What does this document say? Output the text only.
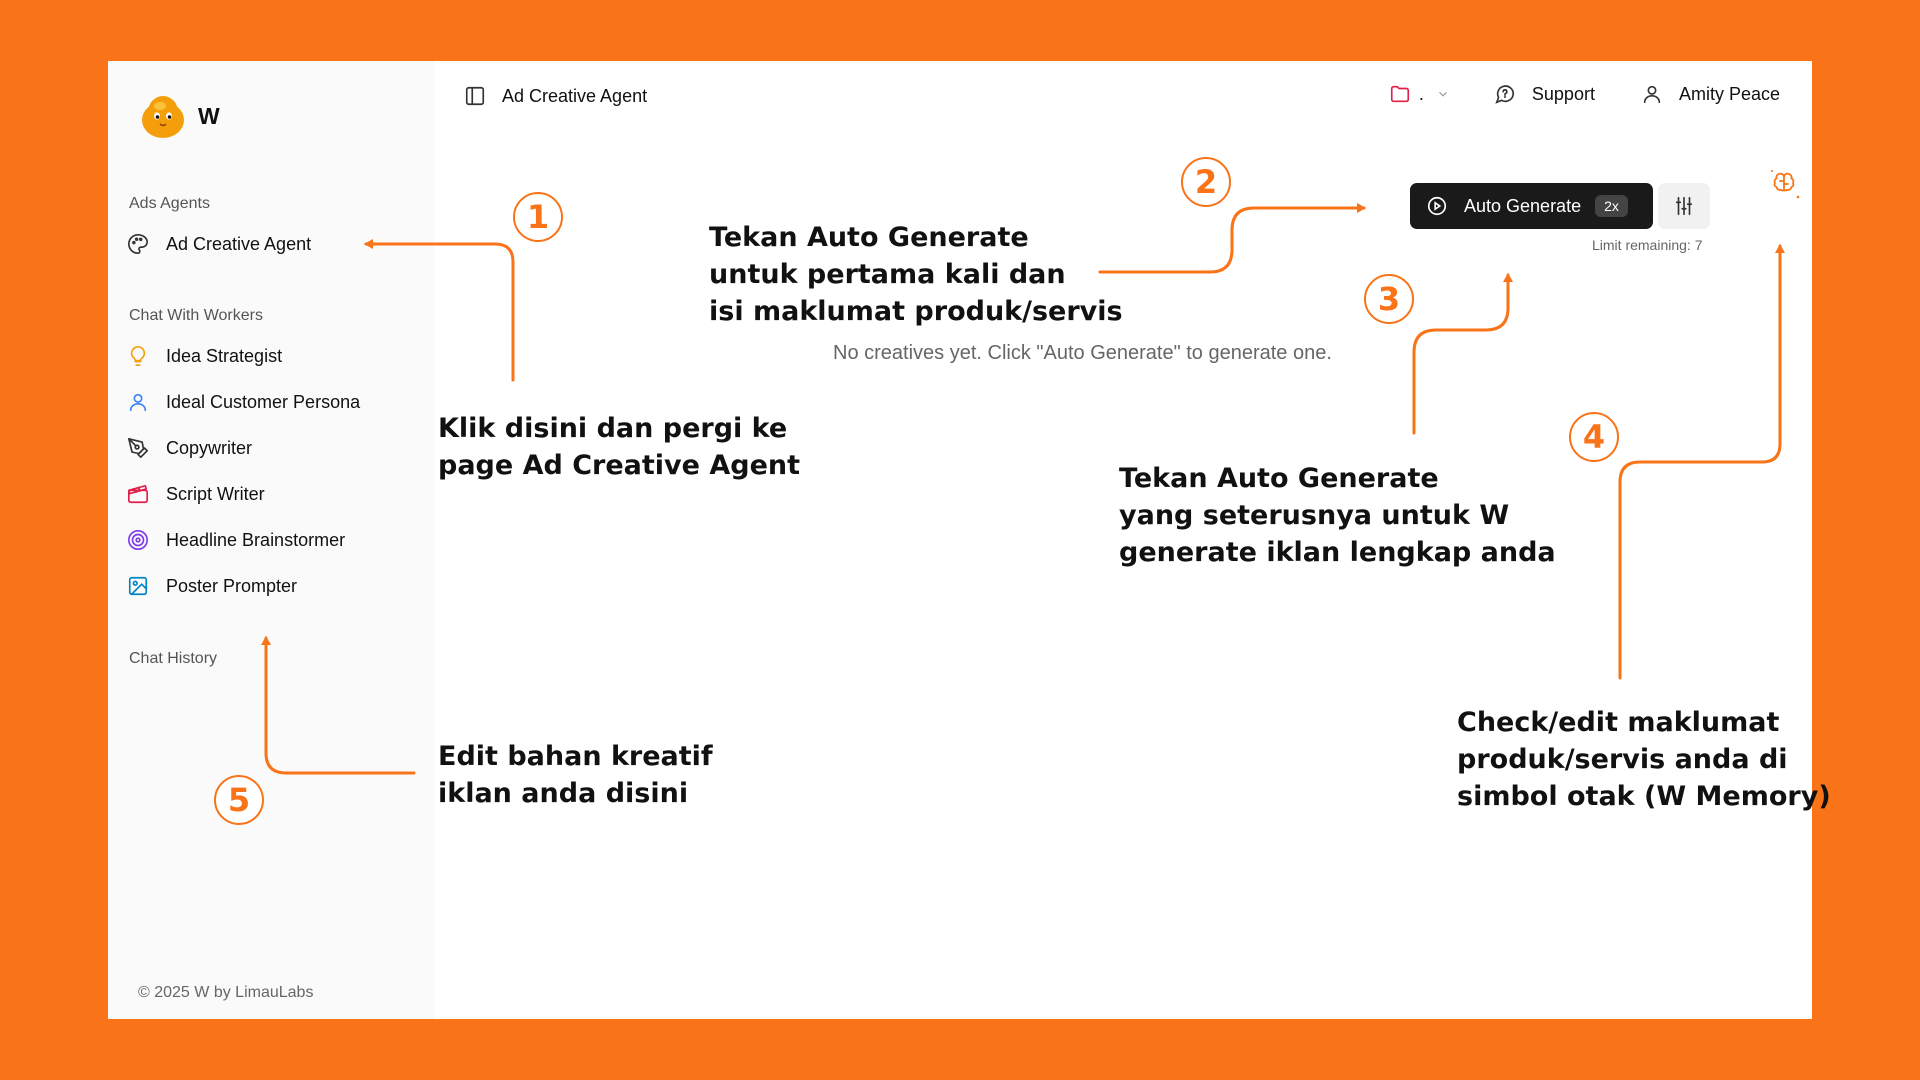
W
Ads Agents
Ad Creative Agent
Chat With Workers
Idea Strategist
Ideal Customer Persona
Copywriter
Script Writer
Headline Brainstormer
Poster Prompter
Chat History
© 2025 W by LimauLabs
Ad Creative Agent	.	Support	Amity Peace
Auto Generate	2x
Limit remaining: 7
No creatives yet. Click "Auto Generate" to generate one.
1
2
3
4
5
Klik disini dan pergi ke
page Ad Creative Agent
Tekan Auto Generate
untuk pertama kali dan
isi maklumat produk/servis
Tekan Auto Generate
yang seterusnya untuk W
generate iklan lengkap anda
Check/edit maklumat
produk/servis anda di
simbol otak (W Memory)
Edit bahan kreatif
iklan anda disini
